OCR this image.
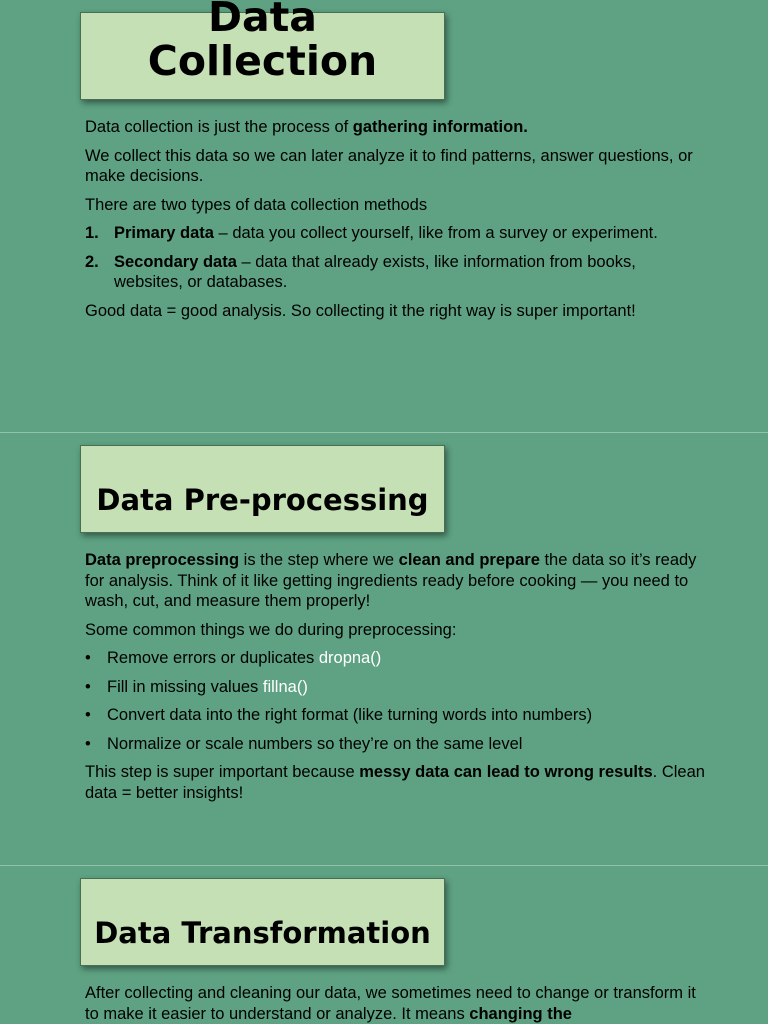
Data
Collection

Data collection is just the process of gathering information.

We collect this data so we can later analyze it to find patterns, answer questions, or make decisions.

There are two types of data collection methods

1. Primary data – data you collect yourself, like from a survey or experiment.
2. Secondary data – data that already exists, like information from books, websites, or databases.

Good data = good analysis. So collecting it the right way is super important!

Data Pre-processing

Data preprocessing is the step where we clean and prepare the data so it’s ready for analysis. Think of it like getting ingredients ready before cooking — you need to wash, cut, and measure them properly!

Some common things we do during preprocessing:

• Remove errors or duplicates dropna()
• Fill in missing values fillna()
• Convert data into the right format (like turning words into numbers)
• Normalize or scale numbers so they’re on the same level

This step is super important because messy data can lead to wrong results. Clean data = better insights!

Data Transformation

After collecting and cleaning our data, we sometimes need to change or transform it to make it easier to understand or analyze. It means changing the
